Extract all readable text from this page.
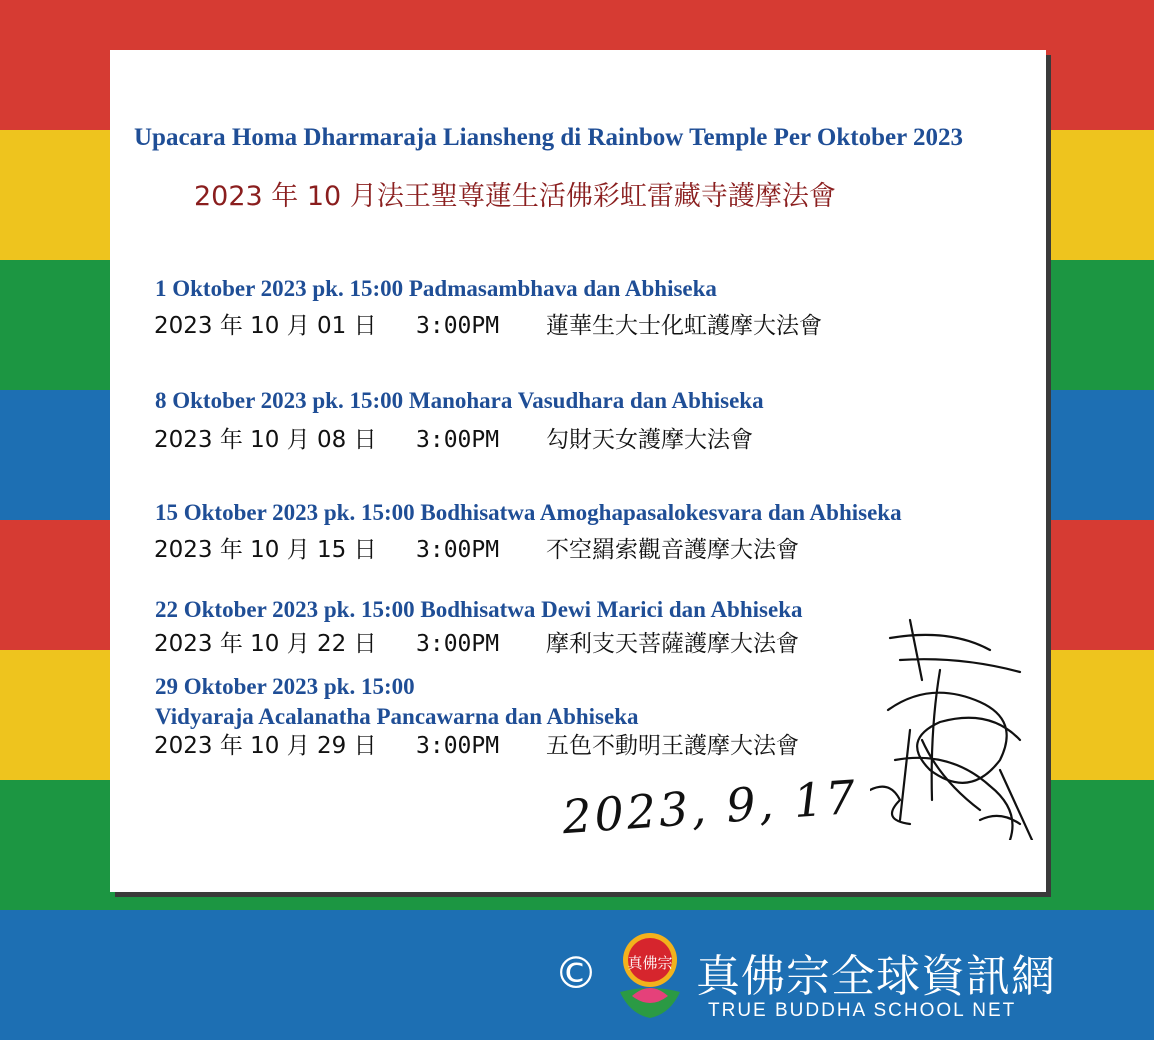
Upacara Homa Dharmaraja Liansheng di Rainbow Temple Per Oktober 2023
2023 年 10 月法王聖尊蓮生活佛彩虹雷藏寺護摩法會
1 Oktober 2023 pk. 15:00 Padmasambhava dan Abhiseka
2023 年 10 月 01 日 3:00PM 蓮華生大士化虹護摩大法會
8 Oktober 2023 pk. 15:00 Manohara Vasudhara dan Abhiseka
2023 年 10 月 08 日 3:00PM 勾財天女護摩大法會
15 Oktober 2023 pk. 15:00 Bodhisatwa Amoghapasalokesvara dan Abhiseka
2023 年 10 月 15 日 3:00PM 不空羂索觀音護摩大法會
22 Oktober 2023 pk. 15:00 Bodhisatwa Dewi Marici dan Abhiseka
2023 年 10 月 22 日 3:00PM 摩利支天菩薩護摩大法會
29 Oktober 2023 pk. 15:00
Vidyaraja Acalanatha Pancawarna dan Abhiseka
2023 年 10 月 29 日 3:00PM 五色不動明王護摩大法會
2023, 9, 17
© 真佛宗 真佛宗全球資訊網
TRUE BUDDHA SCHOOL NET
